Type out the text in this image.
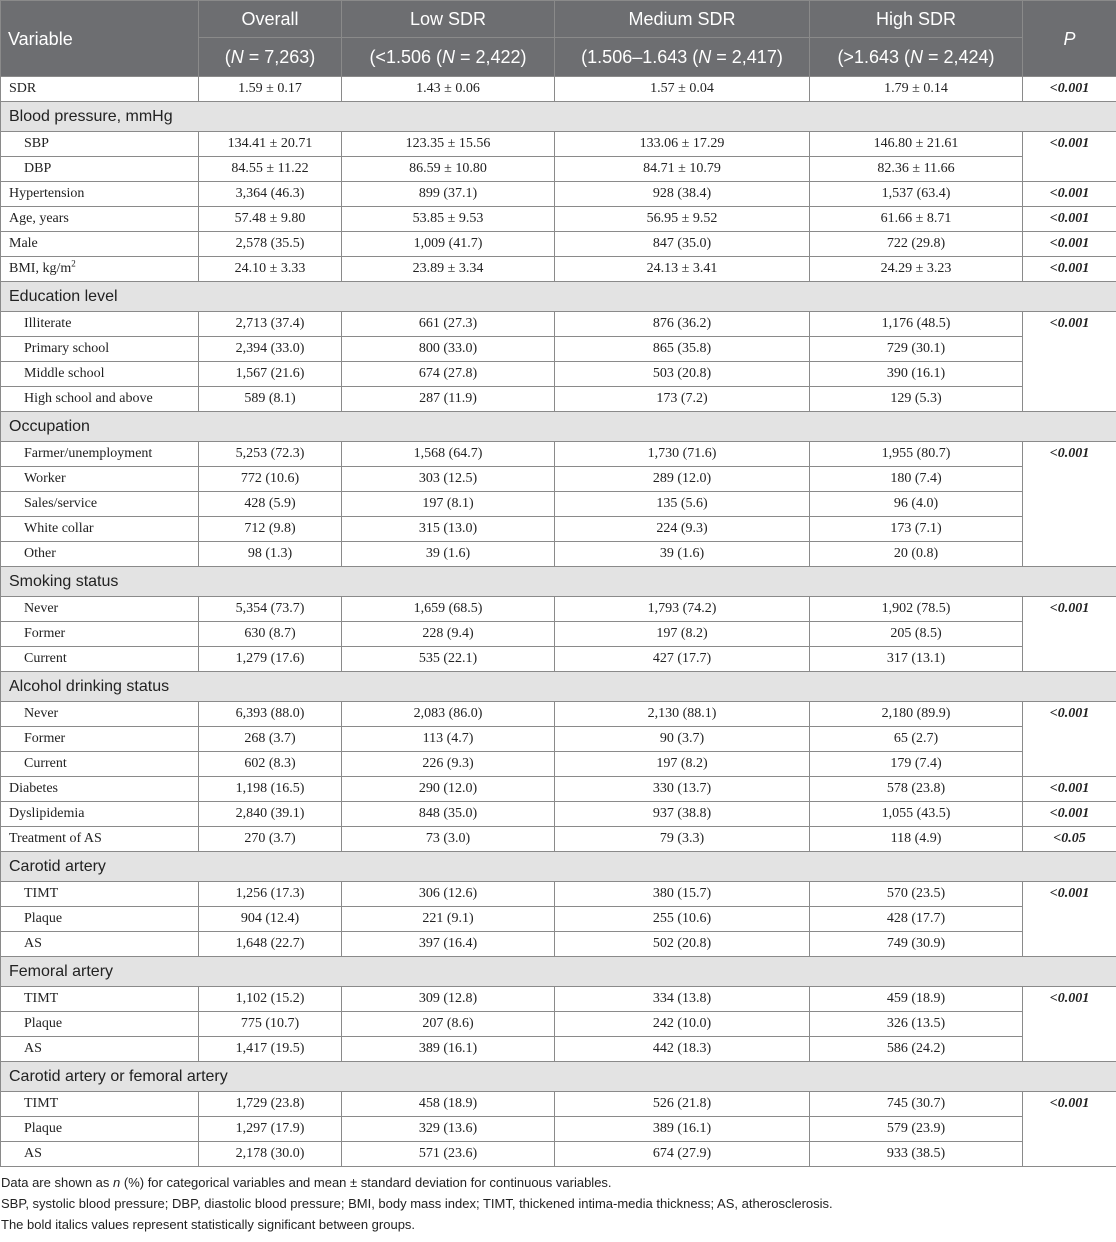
Variable	Overall	Low SDR	Medium SDR	High SDR	P
	(N = 7,263)	(<1.506 (N = 2,422)	(1.506–1.643 (N = 2,417)	(>1.643 (N = 2,424)	
SDR	1.59 ± 0.17	1.43 ± 0.06	1.57 ± 0.04	1.79 ± 0.14	<0.001
Blood pressure, mmHg					
SBP	134.41 ± 20.71	123.35 ± 15.56	133.06 ± 17.29	146.80 ± 21.61	<0.001
DBP	84.55 ± 11.22	86.59 ± 10.80	84.71 ± 10.79	82.36 ± 11.66	
Hypertension	3,364 (46.3)	899 (37.1)	928 (38.4)	1,537 (63.4)	<0.001
Age, years	57.48 ± 9.80	53.85 ± 9.53	56.95 ± 9.52	61.66 ± 8.71	<0.001
Male	2,578 (35.5)	1,009 (41.7)	847 (35.0)	722 (29.8)	<0.001
BMI, $kg/m^2$	24.10 ± 3.33	23.89 ± 3.34	24.13 ± 3.41	24.29 ± 3.23	<0.001
Education level					
Illiterate	2,713 (37.4)	661 (27.3)	876 (36.2)	1,176 (48.5)	<0.001
Primary school	2,394 (33.0)	800 (33.0)	865 (35.8)	729 (30.1)	
Middle school	1,567 (21.6)	674 (27.8)	503 (20.8)	390 (16.1)	
High school and above	589 (8.1)	287 (11.9)	173 (7.2)	129 (5.3)	
Occupation					
Farmer/unemployment	5,253 (72.3)	1,568 (64.7)	1,730 (71.6)	1,955 (80.7)	<0.001
Worker	772 (10.6)	303 (12.5)	289 (12.0)	180 (7.4)	
Sales/service	428 (5.9)	197 (8.1)	135 (5.6)	96 (4.0)	
White collar	712 (9.8)	315 (13.0)	224 (9.3)	173 (7.1)	
Other	98 (1.3)	39 (1.6)	39 (1.6)	20 (0.8)	
Smoking status					
Never	5,354 (73.7)	1,659 (68.5)	1,793 (74.2)	1,902 (78.5)	<0.001
Former	630 (8.7)	228 (9.4)	197 (8.2)	205 (8.5)	
Current	1,279 (17.6)	535 (22.1)	427 (17.7)	317 (13.1)	
Alcohol drinking status					
Never	6,393 (88.0)	2,083 (86.0)	2,130 (88.1)	2,180 (89.9)	<0.001
Former	268 (3.7)	113 (4.7)	90 (3.7)	65 (2.7)	
Current	602 (8.3)	226 (9.3)	197 (8.2)	179 (7.4)	
Diabetes	1,198 (16.5)	290 (12.0)	330 (13.7)	578 (23.8)	<0.001
Dyslipidemia	2,840 (39.1)	848 (35.0)	937 (38.8)	1,055 (43.5)	<0.001
Treatment of AS	270 (3.7)	73 (3.0)	79 (3.3)	118 (4.9)	<0.05
Carotid artery					
TIMT	1,256 (17.3)	306 (12.6)	380 (15.7)	570 (23.5)	<0.001
Plaque	904 (12.4)	221 (9.1)	255 (10.6)	428 (17.7)	
AS	1,648 (22.7)	397 (16.4)	502 (20.8)	749 (30.9)	
Femoral artery					
TIMT	1,102 (15.2)	309 (12.8)	334 (13.8)	459 (18.9)	<0.001
Plaque	775 (10.7)	207 (8.6)	242 (10.0)	326 (13.5)	
AS	1,417 (19.5)	389 (16.1)	442 (18.3)	586 (24.2)	
Carotid artery or femoral artery					
TIMT	1,729 (23.8)	458 (18.9)	526 (21.8)	745 (30.7)	<0.001
Plaque	1,297 (17.9)	329 (13.6)	389 (16.1)	579 (23.9)	
AS	2,178 (30.0)	571 (23.6)	674 (27.9)	933 (38.5)	
Data are shown as n (%) for categorical variables and mean ± standard deviation for continuous variables.
SBP, systolic blood pressure; DBP, diastolic blood pressure; BMI, body mass index; TIMT, thickened intima-media thickness; AS, atherosclerosis.
The bold italics values represent statistically significant between groups.
